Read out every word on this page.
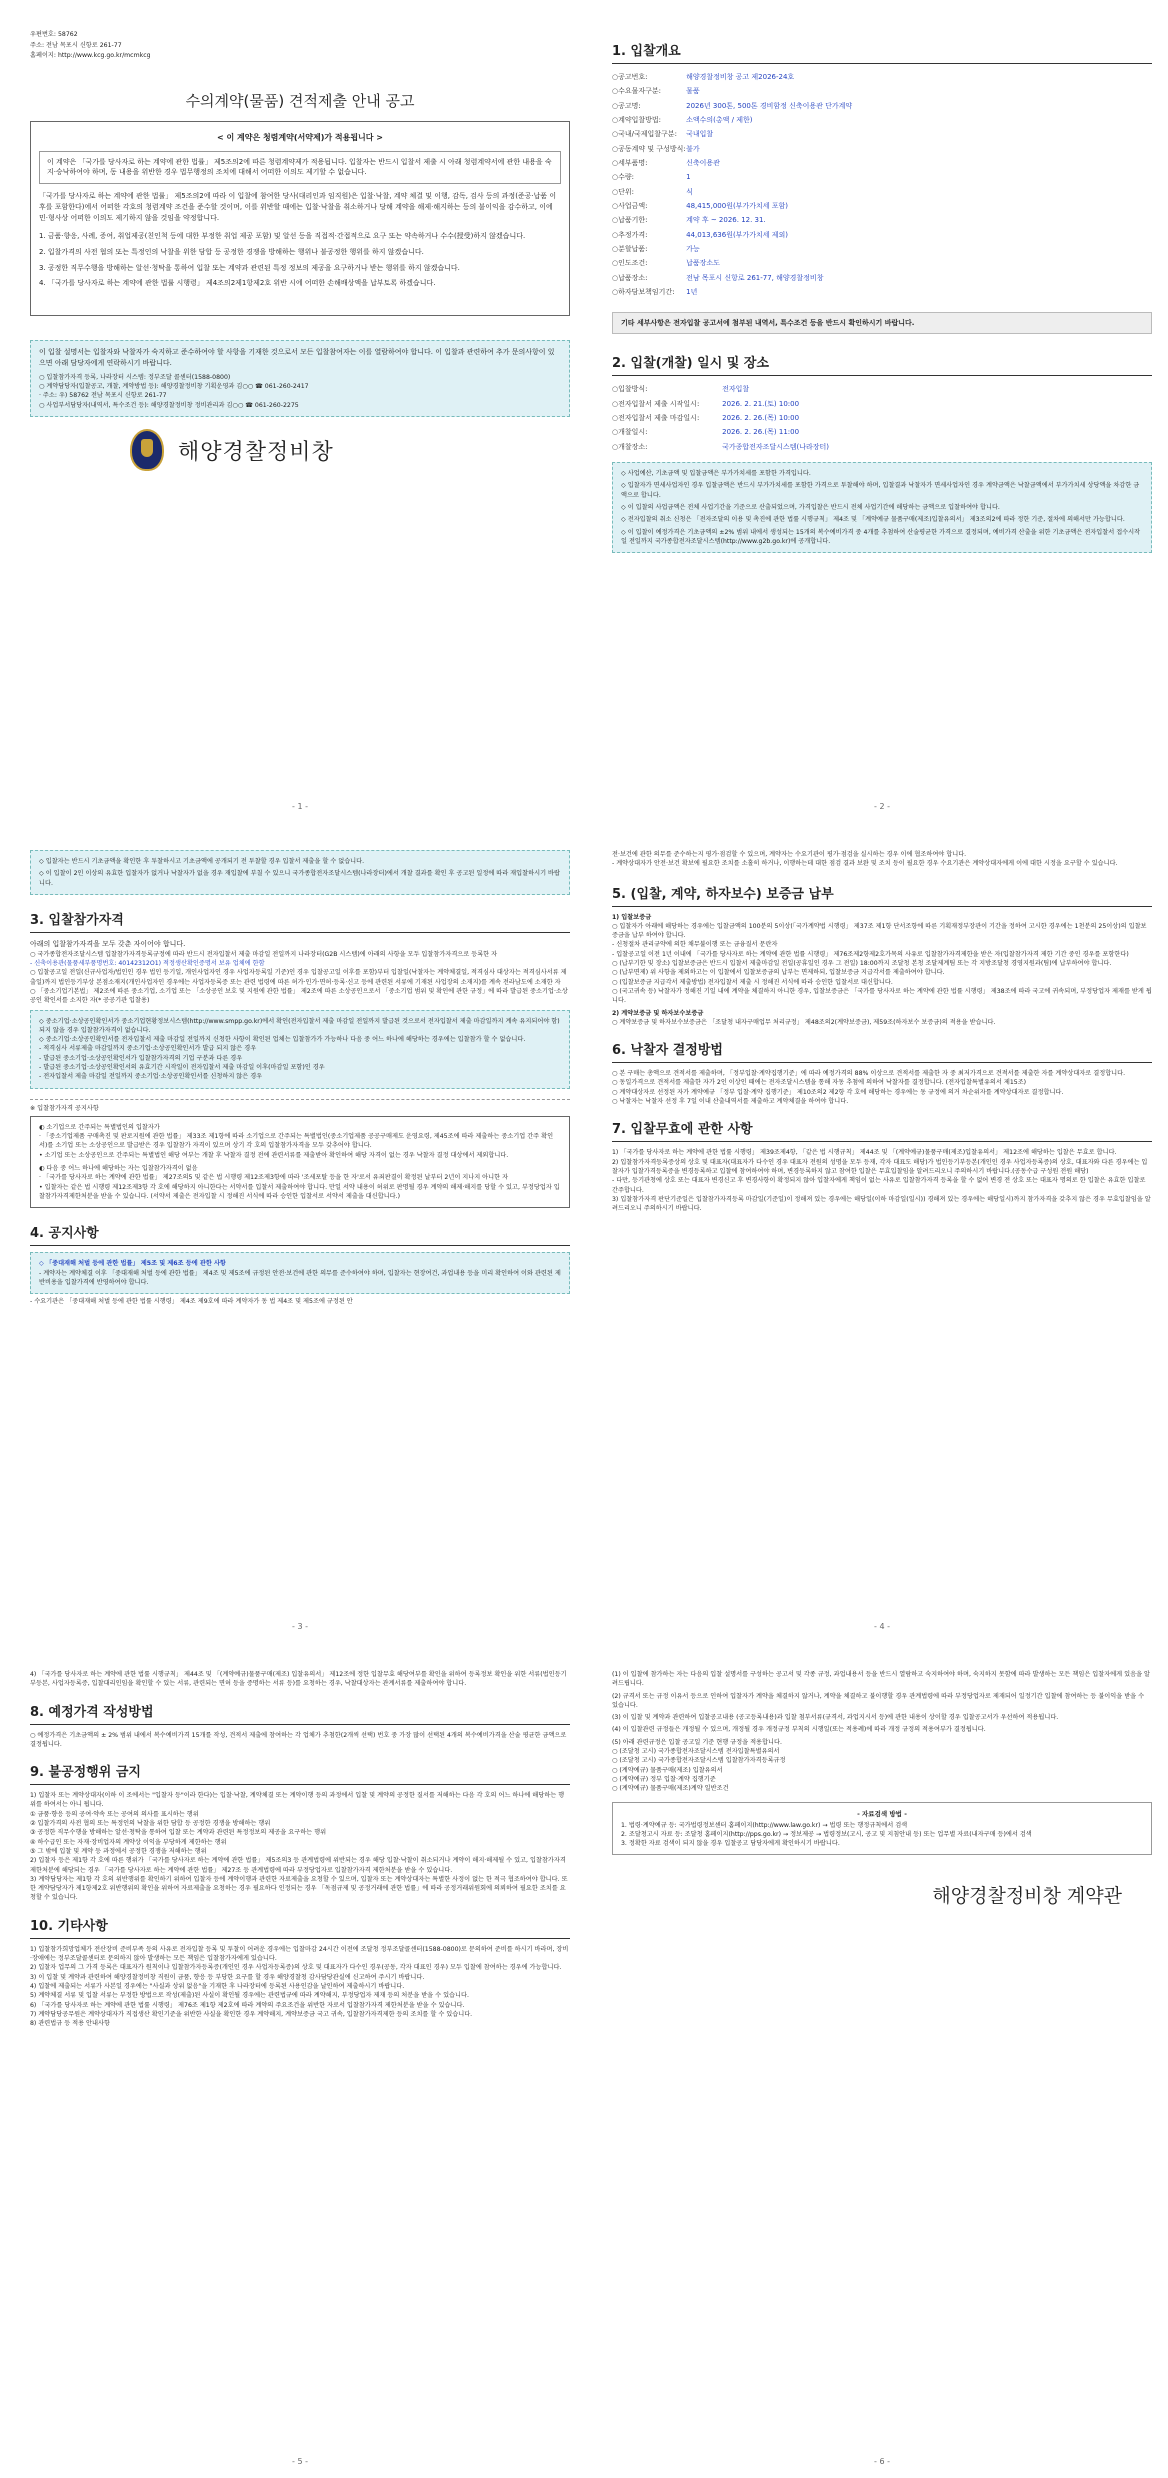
우편번호: 58762
주소: 전남 목포시 신항로 261-77
홈페이지: http://www.kcg.go.kr/mcmkcg
수의계약(물품) 견적제출 안내 공고
< 이 계약은 청렴계약(서약제)가 적용됩니다 >
이 계약은 「국가를 당사자로 하는 계약에 관한 법률」 제5조의2에 따른 청렴계약제가 적용됩니다. 입찰자는 반드시 입찰서 제출 시 아래 청렴계약서에 관한 내용을 숙지·승낙하여야 하며, 동 내용을 위반한 경우 법무행정의 조치에 대해서 어떠한 이의도 제기할 수 없습니다.
「국가를 당사자로 하는 계약에 관한 법률」 제5조의2에 따라 이 입찰에 참여한 당사(대리인과 임직원)은 입찰·낙찰, 계약 체결 및 이행, 감독, 검사 등의 과정(준공·납품 이후를 포함한다)에서 어떠한 각호의 청렴계약 조건을 준수할 것이며, 이를 위반할 때에는 입찰·낙찰을 취소하거나 당해 계약을 해제·해지하는 등의 불이익을 감수하고, 이에 민·형사상 어떠한 이의도 제기하지 않을 것임을 약정합니다.
1. 금품·향응, 사례, 증여, 취업제공(친인척 등에 대한 부정한 취업 제공 포함) 및 알선 등을 직접적·간접적으로 요구 또는 약속하거나 수수(授受)하지 않겠습니다.
2. 입찰가격의 사전 협의 또는 특정인의 낙찰을 위한 담합 등 공정한 경쟁을 방해하는 행위나 불공정한 행위를 하지 않겠습니다.
3. 공정한 직무수행을 방해하는 알선·청탁을 통하여 입찰 또는 계약과 관련된 특정 정보의 제공을 요구하거나 받는 행위를 하지 않겠습니다.
4. 「국가를 당사자로 하는 계약에 관한 법률 시행령」 제4조의2제1항제2호 위반 시에 어떠한 손해배상액을 납부토록 하겠습니다.
이 입찰 설명서는 입찰자와 낙찰자가 숙지하고 준수하여야 할 사항을 기재한 것으로서 모든 입찰참여자는 이를 열람하여야 합니다. 이 입찰과 관련하여 추가 문의사항이 있으면 아래 담당자에게 연락하시기 바랍니다.
○ 입찰참가자격 등록, 나라장터 시스템: 정부조달 콜센터(1588-0800)
○ 계약담당자(입찰공고, 개찰, 계약방법 등): 해양경찰정비창 기획운영과 김○○ ☎ 061-260-2417
· 주소: 우) 58762 전남 목포시 신항로 261-77
○ 사업부서담당자(내역서, 특수조건 등): 해양경찰정비창 정비관리과 김○○ ☎ 061-260-2275
해양경찰정비창
- 1 -
1. 입찰개요
○ 공고번호:	해양경찰정비창 공고 제2026-24호
○ 수요물자구분:	물품
○ 공고명:	2026년 300톤, 500톤 경비함정 신축이용관 단가계약
○ 계약입찰방법:	소액수의(총액 / 제한)
○ 국내/국제입찰구분:	국내입찰
○ 공동계약 및 구성방식: 불가
○ 세부품명:	신축이용관
○ 수량:	1
○ 단위:	식
○ 사업금액:	48,415,000원(부가가치세 포함)
○ 납품기한:	계약 후 ~ 2026. 12. 31.
○ 추정가격:	44,013,636원(부가가치세 제외)
○ 분할납품:	가능
○ 인도조건:	납품장소도
○ 납품장소:	전남 목포시 신항로 261-77, 해양경찰정비창
○ 하자담보책임기간:	1년
기타 세부사항은 전자입찰 공고서에 첨부된 내역서, 특수조건 등을 반드시 확인하시기 바랍니다.
2. 입찰(개찰) 일시 및 장소
○ 입찰방식:	전자입찰
○ 전자입찰서 제출 시작일시:	2026. 2. 21.(토) 10:00
○ 전자입찰서 제출 마감일시:	2026. 2. 26.(목) 10:00
○ 개찰일시:	2026. 2. 26.(목) 11:00
○ 개찰장소:	국가종합전자조달시스템(나라장터)
◇ 사업예산, 기초금액 및 입찰금액은 부가가치세를 포함한 가격입니다.
◇ 입찰자가 면세사업자인 경우 입찰금액은 반드시 부가가치세를 포함한 가격으로 투찰해야 하며, 입찰결과 낙찰자가 면세사업자인 경우 계약금액은 낙찰금액에서 부가가치세 상당액을 차감한 금액으로 합니다.
◇ 이 입찰의 사업금액은 전체 사업기간을 기준으로 산출되었으며, 가격입찰은 반드시 전체 사업기간에 해당하는 금액으로 입찰하여야 합니다.
◇ 전자입찰의 취소 신청은 「전자조달의 이용 및 촉진에 관한 법률 시행규칙」 제4조 및 「계약예규 물품구매(제조)입찰유의서」 제3조의2에 따라 정한 기준, 절차에 의해서만 가능합니다.
◇ 이 입찰이 예정가격은 기초금액의 ±2% 범위 내에서 생성되는 15개의 복수예비가격 중 4개를 추첨하여 산술평균한 가격으로 결정되며, 예비가격 산출을 위한 기초금액은 전자입찰서 접수시작일 전일까지 국가종합전자조달시스템(http://www.g2b.go.kr)에 공개합니다.
- 2 -
◇ 입찰자는 반드시 기초금액을 확인한 후 투찰하시고 기초금액에 공개되기 전 투찰할 경우 입찰서 제출을 할 수 없습니다.
◇ 이 입찰이 2인 이상의 유효한 입찰자가 없거나 낙찰자가 없을 경우 재입찰에 부칠 수 있으니 국가종합전자조달시스템(나라장터)에서 개찰 결과를 확인 후 공고된 일정에 따라 재입찰하시기 바랍니다.
3. 입찰참가자격
아래의 입찰참가자격을 모두 갖춘 자이어야 합니다.
○ 국가종합전자조달시스템 입찰참가자격등록규정에 따라 반드시 전자입찰서 제출 마감일 전일까지 나라장터(G2B 시스템)에 아래의 사항을 모두 입찰참가자격으로 등록한 자
- 신축이용관(물품세부품명번호: 40142312O1) 적정생산확인증명서 보유 업체에 한함
○ 입찰공고일 전일(신규사업자/법인인 경우 법인 등기일, 개인사업자인 경우 사업자등록일 기준)인 경우 입찰공고일 이후를 포함)부터 입찰일(낙찰자는 계약체결일, 적격심사 대상자는 적격심사서류 제출일)까지 법인등기부상 본점소재지(개인사업자인 경우에는 사업자등록증 또는 관련 법령에 따른 허가·인가·면허·등록·신고 등에 관련된 서류에 기재된 사업장의 소재지)를 계속 전라남도에 소재한 자
○ 「중소기업기본법」 제2조에 따른 중소기업, 소기업 또는 「소상공인 보호 및 지원에 관한 법률」 제2조에 따른 소상공인으로서 「중소기업 범위 및 확인에 관한 규정」에 따라 발급된 중소기업·소상공인 확인서를 소지한 자(* 공공기관 입찰용)
◇ 중소기업·소상공인확인서가 중소기업현황정보시스템(http://www.smpp.go.kr)에서 확인(전자입찰서 제출 마감일 전일까지 발급된 것으로서 전자입찰서 제출 마감일까지 계속 유지되어야 함)되지 않을 경우 입찰참가자격이 없습니다.
◇ 중소기업·소상공인확인서를 전자입찰서 제출 마감일 전일까지 신청한 사항이 확인된 업체는 입찰참가가 가능하나 다음 중 어느 하나에 해당하는 경우에는 입찰참가 할 수 없습니다.
- 적격심사 서류제출 마감일까지 중소기업·소상공인확인서가 발급 되지 않은 경우
- 발급된 중소기업·소상공인확인서가 입찰참가자격의 기업 구분과 다른 경우
- 발급된 중소기업·소상공인확인서의 유효기간 시작일이 전자입찰서 제출 마감일 이후(마감일 포함)인 경우
- 전자입찰서 제출 마감일 전일까지 중소기업·소상공인확인서를 신청하지 않은 경우
※ 입찰참가자격 공지사항
◐ 소기업으로 간주되는 특별법인의 입찰자가
· 「중소기업제품 구매촉진 및 판로지원에 관한 법률」 제33조 제1항에 따라 소기업으로 간주되는 특별법인(중소기업제품 공공구매제도 운영요령, 제45조에 따라 제출하는 중소기업 간주 확인서)를 소기업 또는 소상공인으로 발급받은 경우 입찰참가 자격이 있으며 상기 각 호의 입찰참가자격을 모두 갖추어야 합니다.
• 소기업 또는 소상공인으로 간주되는 특별법인 해당 여부는 개찰 후 낙찰자 결정 전에 관련서류를 제출받아 확인하여 해당 자격이 없는 경우 낙찰자 결정 대상에서 제외합니다.
◐ 다음 중 어느 하나에 해당하는 자는 입찰참가자격이 없음
· 「국가를 당사자로 하는 계약에 관한 법률」 제27조의5 및 같은 법 시행령 제12조제3항에 따라 '조세포탈 등을 한 자'로서 유죄판결이 확정된 날부터 2년이 지나지 아니한 자
• 입찰자는 같은 법 시행령 제12조제3항 각 호에 해당하지 아니한다는 서약서를 입찰서 제출하여야 합니다. 만일 서약 내용이 허위로 판명될 경우 계약의 해제·해지를 당할 수 있고, 부정당업자 입찰참가자격제한처분을 받을 수 있습니다. (서약서 제출은 전자입찰 시 정해진 서식에 따라 승인한 입찰서로 서약서 제출을 대신합니다.)
4. 공지사항
◇ 「중대재해 처벌 등에 관한 법률」 제5조 및 제6조 등에 관한 사항
- 계약자는 계약체결 이후 「중대재해 처벌 등에 관한 법률」 제4조 및 제5조에 규정된 안전·보건에 관한 의무를 준수하여야 하며, 입찰자는 현장여건, 과업내용 등을 미리 확인하여 이와 관련된 제반비용을 입찰가격에 반영하여야 합니다.
- 수요기관은 「중대재해 처벌 등에 관한 법률 시행령」 제4조 제9호에 따라 계약자가 동 법 제4조 및 제5조에 규정된 안
- 3 -
전·보건에 관한 의무를 준수하는지 평가·점검할 수 있으며, 계약자는 수요기관이 평가·점검을 실시하는 경우 이에 협조하여야 합니다.
- 계약상대자가 안전·보건 확보에 필요한 조치를 소홀히 하거나, 이행하는데 대한 점검 결과 보완 및 조치 등이 필요한 경우 수요기관은 계약상대자에게 이에 대한 시정을 요구할 수 있습니다.
5. (입찰, 계약, 하자보수) 보증금 납부
1) 입찰보증금
○ 입찰자가 아래에 해당하는 경우에는 입찰금액의 100분의 5이상(「국가계약법 시행령」 제37조 제1항 단서조항에 따른 기획재정부장관이 기간을 정하여 고시한 경우에는 1천분의 25이상)의 입찰보증금을 납부 하여야 합니다.
- 신청절차 관리규약에 의한 채무불이행 또는 금융질서 문란자
- 입찰공고일 이전 1년 이내에 「국가를 당사자로 하는 계약에 관한 법률 시행령」 제76조제2항제2호가목의 사유로 입찰참가자격제한을 받은 자(입찰참가자격 제한 기간 중인 경우를 포함한다)
○ (납부기한 및 장소) 입찰보증금은 반드시 입찰서 제출마감일 전일(공휴일인 경우 그 전일) 18:00까지 조달청 본청 조달제계팀 또는 각 지방조달청 경영지원과(팀)에 납부하여야 합니다.
○ (납부면제) 위 사항을 제외하고는 이 입찰에서 입찰보증금의 납부는 면제하되, 입찰보증금 지급각서를 제출하여야 합니다.
○ (입찰보증금 지급각서 제출방법) 전자입찰서 제출 시 정해진 서식에 따라 승인한 입찰서로 대신합니다.
○ (국고귀속 등) 낙찰자가 정해진 기일 내에 계약을 체결하지 아니한 경우, 입찰보증금은 「국가를 당사자로 하는 계약에 관한 법률 시행령」 제38조에 따라 국고에 귀속되며, 부정당업자 제재를 받게 됩니다.
2) 계약보증금 및 하자보수보증금
○ 계약보증금 및 하자보수보증금은 「조달청 내자구매업무 처리규정」 제48조의2(계약보증금), 제59조(하자보수 보증금)의 적용을 받습니다.
6. 낙찰자 결정방법
○ 본 구매는 총액으로 견적서를 제출하며, 「정부입찰·계약집행기준」에 따라 예정가격의 88% 이상으로 견적서를 제출한 자 중 최저가격으로 견적서를 제출한 자를 계약상대자로 결정합니다.
○ 동일가격으로 견적서를 제출한 자가 2인 이상인 때에는 전자조달시스템을 통해 자동 추첨에 의하여 낙찰자를 결정합니다. (전자입찰특별유의서 제15조)
○ 계약대상자로 선정된 자가 계약예규 「정부 입찰·계약 집행기준」 제10조의2 제2항 각 호에 해당하는 경우에는 동 규정에 의거 차순위자를 계약상대자로 결정합니다.
○ 낙찰자는 낙찰자 선정 후 7일 이내 산출내역서를 제출하고 계약체결을 하여야 합니다.
7. 입찰무효에 관한 사항
1) 「국가를 당사자로 하는 계약에 관한 법률 시행령」 제39조제4항, 「같은 법 시행규칙」 제44조 및 「(계약예규)물품구매(제조)입찰유의서」 제12조에 해당하는 입찰은 무효로 합니다.
2) 입찰참가자격등록증상의 상호 및 대표자(대표자가 다수인 경우 대표자 전원의 성명을 모두 등재, 각자 대표도 해당)가 법인등기부등본(개인인 경우 사업자등록증)의 상호, 대표자와 다른 경우에는 입찰자가 입찰가격등록증을 변경등록하고 입찰에 참여하여야 하며, 변경등록하지 않고 참여한 입찰은 무효입찰임을 알려드리오니 주의하시기 바랍니다.(공동수급 구성원 전원 해당)
- 다만, 등기관청에 상호 또는 대표자 변경신고 후 변경사항이 확정되지 않아 입찰자에게 책임이 없는 사유로 입찰참가자격 등록을 할 수 없어 변경 전 상호 또는 대표자 명의로 한 입찰은 유효한 입찰로 간주합니다.
3) 입찰참가자격 판단기준일은 입찰참가자격등록 마감일(기준일)이 정해져 있는 경우에는 해당일(이하 마감일(일시)) 경해져 있는 경우에는 해당일시)까지 참가자격을 갖추지 않은 경우 무효입찰임을 알려드리오니 주의하시기 바랍니다.
- 4 -
4) 「국가를 당사자로 하는 계약에 관한 법률 시행규칙」 제44조 및 「(계약예규)물품구매(제조) 입찰유의서」 제12조에 정한 입찰무효 해당여부를 확인을 위하여 등록정보 확인을 위한 서류(법인등기부등본, 사업자등록증, 입찰대리인임을 확인할 수 있는 서류, 관련되는 면허 등을 증명하는 서류 등)를 요청하는 경우, 낙찰대상자는 관계서류를 제출하여야 합니다.
8. 예정가격 작성방법
○ 예정가격은 기초금액의 ± 2% 범위 내에서 복수예비가격 15개를 작성, 견적서 제출에 참여하는 각 업체가 추첨한(2개씩 선택) 번호 중 가장 많이 선택된 4개의 복수예비가격을 산술 평균한 금액으로 결정됩니다.
9. 불공정행위 금지
1) 입찰자 또는 계약상대자(이하 이 조에서는 "입찰자 등"이라 한다)는 입찰·낙찰, 계약체결 또는 계약이행 등의 과정에서 입찰 및 계약의 공정한 질서를 저해하는 다음 각 호의 어느 하나에 해당하는 행위를 하여서는 아니 됩니다.
① 금품·향응 등의 공여·약속 또는 공여의 의사를 표시하는 행위
② 입찰가격의 사전 협의 또는 특정인의 낙찰을 위한 담합 등 공정한 경쟁을 방해하는 행위
③ 공정한 직무수행을 방해하는 알선·청탁을 통하여 입찰 또는 계약과 관련된 특정정보의 제공을 요구하는 행위
④ 하수급인 또는 자재·장비업자의 계약상 이익을 부당하게 제한하는 행위
⑤ 그 밖에 입찰 및 계약 등 과정에서 공정한 경쟁을 저해하는 행위
2) 입찰자 등은 제1항 각 호에 따른 행위가 「국가를 당사자로 하는 계약에 관한 법률」 제5조의3 등 관계법령에 위반되는 경우 해당 입찰·낙찰이 취소되거나 계약이 해지·해제될 수 있고, 입찰참가자격 제한처분에 해당되는 경우 「국가를 당사자로 하는 계약에 관한 법률」 제27조 등 관계법령에 따라 부정당업자로 입찰참가자격 제한처분을 받을 수 있습니다.
3) 계약담당자는 제1항 각 호의 위반행위를 확인하기 위하여 입찰자 등에 계약이행과 관련한 자료제출을 요청할 수 있으며, 입찰자 또는 계약상대자는 특별한 사정이 없는 한 적극 협조하여야 합니다. 또한 계약담당자가 제1항제2호 위반행위의 확인을 위하여 자료제출을 요청하는 경우 필요하다 인정되는 경우 「독점규제 및 공정거래에 관한 법률」에 따라 공정거래위원회에 의뢰하여 필요한 조치를 요청할 수 있습니다.
10. 기타사항
1) 입찰참가희망업체가 전산장비 준비부족 등의 사유로 전자입찰 등록 및 투찰이 어려운 경우에는 입찰마감 24시간 이전에 조달청 정부조달콜센터(1588-0800)로 문의하여 준비를 하시기 바라며, 장비·장애에는 정부조달콜센터로 문의하지 않아 발생하는 모든 책임은 입찰참가자에게 있습니다.
2) 입찰자 업무의 그 가격 등록은 대표자가 원칙이나 입찰참가자등록증(개인인 경우 사업자등록증)의 상호 및 대표자가 다수인 경우(공동, 각자 대표인 경우) 모두 입찰에 참여하는 경우에 가능합니다.
3) 이 입찰 및 계약과 관련하여 해양경찰정비창 직원이 금품, 향응 등 부당한 요구를 할 경우 해양경찰청 감사담당관실에 신고하여 주시기 바랍니다.
4) 입찰에 제출되는 서류가 사본일 경우에는 "사실과 상위 없음"을 기재한 후 나라장터에 등록된 사용인감을 날인하여 제출하시기 바랍니다.
5) 계약체결 서류 및 입찰 서류는 부정한 방법으로 작성(제출)된 사실이 확인될 경우에는 관련법규에 따라 계약해지, 부정당업자 제재 등의 처분을 받을 수 있습니다.
6) 「국가를 당사자로 하는 계약에 관한 법률 시행령」 제76조 제1항 제2호에 따라 계약의 주요조건을 위반한 자로서 입찰참가자격 제한처분을 받을 수 있습니다.
7) 계약담당공무원은 계약상대자가 직접생산 확인기준을 위반한 사실을 확인한 경우 계약해지, 계약보증금 국고 귀속, 입찰참가자격제한 등의 조치를 할 수 있습니다.
8) 관련법규 등 적용 안내사항
- 5 -
(1) 이 입찰에 참가하는 자는 다음의 입찰 설명서를 구성하는 공고서 및 각종 규정, 과업내용서 등을 반드시 열람하고 숙지하여야 하며, 숙지하지 못함에 따라 발생하는 모든 책임은 입찰자에게 있음을 알려드립니다.
(2) 규격서 또는 규정 이유서 등으로 인하여 입찰자가 계약을 체결하지 않거나, 계약을 체결하고 불이행할 경우 관계법령에 따라 부정당업자로 제재되어 일정기간 입찰에 참여하는 등 불이익을 받을 수 있습니다.
(3) 이 입찰 및 계약과 관련하여 입찰공고내용 (공고등록내용)과 입찰 첨부서류(규격서, 과업지시서 등)에 관한 내용이 상이할 경우 입찰공고서가 우선하여 적용됩니다.
(4) 이 입찰관련 규정들은 개정될 수 있으며, 개정될 경우 개정규정 부칙의 시행일(또는 적용례)에 따라 개정 규정의 적용여부가 결정됩니다.
(5) 아래 관련규정은 입찰 공고일 기준 현행 규정을 적용합니다.
○ (조달청 고시) 국가종합전자조달시스템 전자입찰특별유의서
○ (조달청 고시) 국가종합전자조달시스템 입찰참가자격등록규정
○ (계약예규) 물품구매(제조) 입찰유의서
○ (계약예규) 정부 입찰·계약 집행기준
○ (계약예규) 물품구매(제조)계약 일반조건
- 자료검색 방법 -
1. 법령·계약예규 등: 국가법령정보센터 홈페이지(http://www.law.go.kr) → 법령 또는 행정규칙에서 검색
2. 조달청고시 자료 등: 조달청 홈페이지(http://pps.go.kr) → 정보제공 → 법령정보(고시, 공고 및 지침안내 등) 또는 업무별 자료(내자구매 등)에서 검색
3. 정확한 자료 검색이 되지 않을 경우 입찰공고 담당자에게 확인하시기 바랍니다.
해양경찰정비창 계약관
- 6 -
